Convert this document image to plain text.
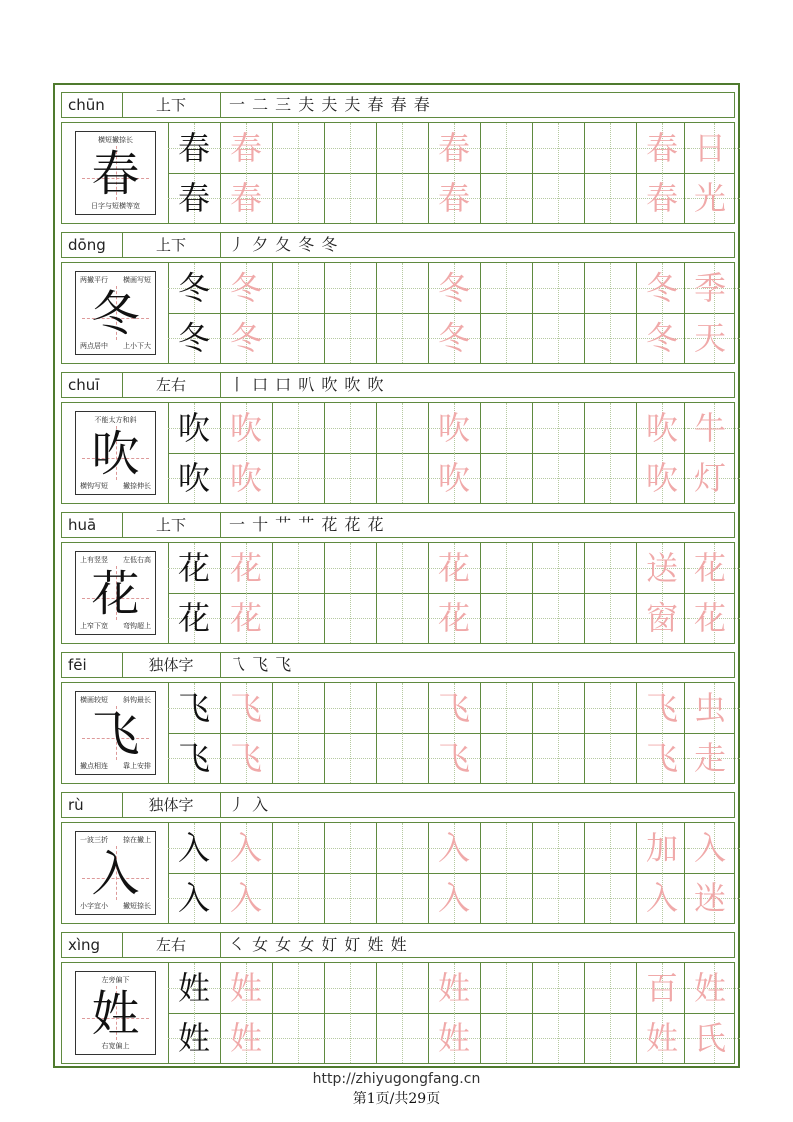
chūn	上下	一 二 三 夫 夫 夫 春 春 春
春
横短撇捺长
日字与短横等宽
春 春	春	春 日
春 春	春	春 光
dōng	上下	丿 夕 夂 冬 冬
冬
两撇平行 横画写短
两点居中 上小下大
冬 冬	冬	冬 季
冬 冬	冬	冬 天
chuī	左右	丨 口 口 叭 吹 吹 吹
吹
不能太方和斜
横钩写短 撇捺伸长
吹 吹	吹	吹 牛
吹 吹	吹	吹 灯
huā	上下	一 十 艹 艹 花 花 花
花
上有竖竖 左低右高
上窄下宽 弯钩超上
花 花	花	送 花
花 花	花	窗 花
fēi	独体字	乁 飞 飞
飞
横画较短 斜钩最长
撇点相连 靠上安排
飞 飞	飞	飞 虫
飞 飞	飞	飞 走
rù	独体字	丿 入
入
一波三折 捺在撇上
小字宜小 撇短捺长
入 入	入	加 入
入 入	入	入 迷
xìng	左右	㇛ 女 女 女 奵 奵 姓 姓
姓
左旁偏下
右宽偏上
姓 姓	姓	百 姓
姓 姓	姓	姓 氏
http://zhiyugongfang.cn
第1页/共29页
